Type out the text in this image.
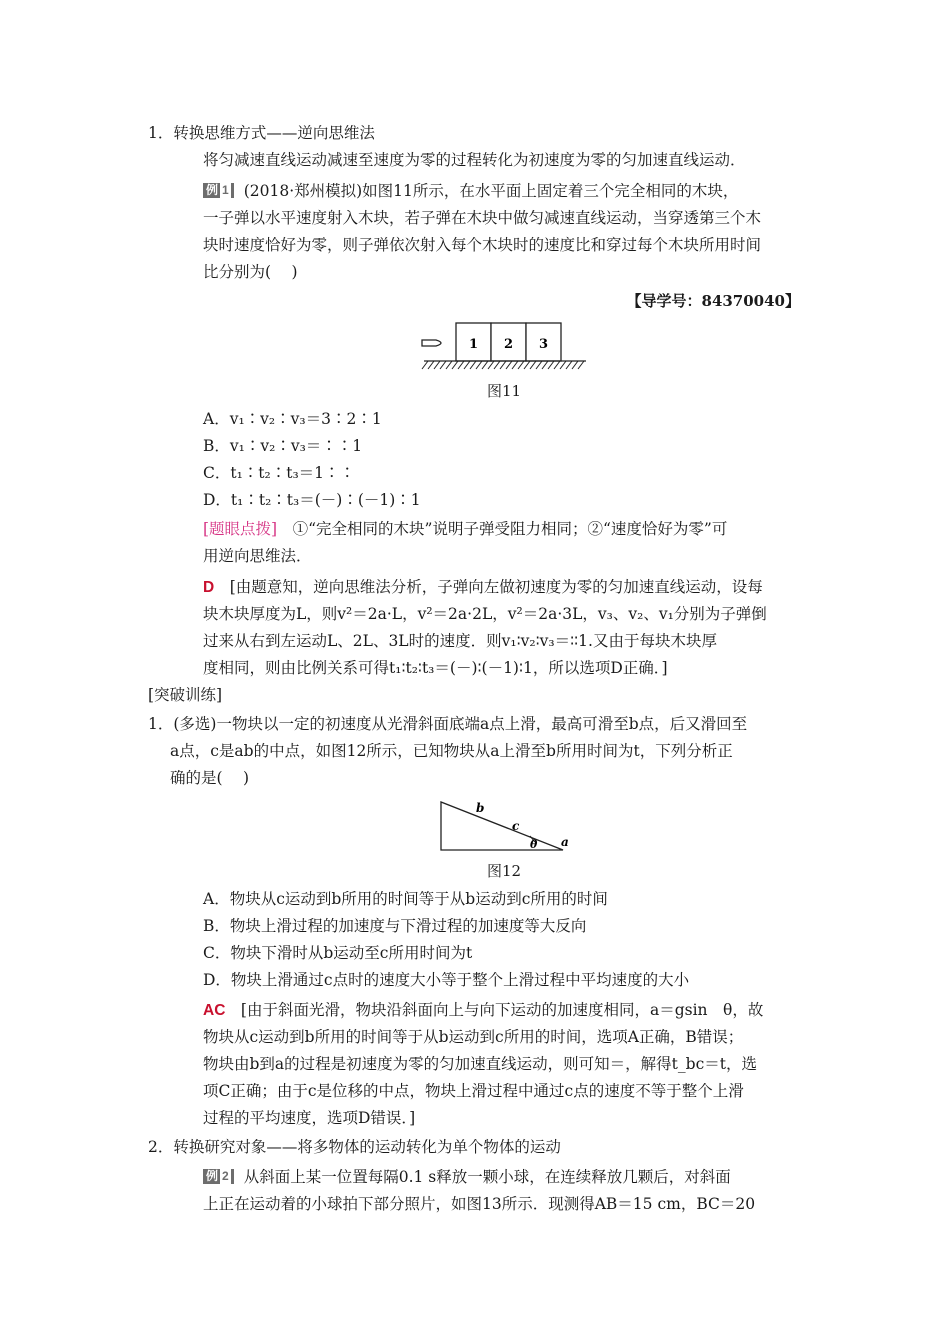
1．转换思维方式——逆向思维法
将匀减速直线运动减速至速度为零的过程转化为初速度为零的匀加速直线运动．
例 1 (2018·郑州模拟)如图11所示，在水平面上固定着三个完全相同的木块，
一子弹以水平速度射入木块，若子弹在木块中做匀减速直线运动，当穿透第三个木
块时速度恰好为零，则子弹依次射入每个木块时的速度比和穿过每个木块所用时间
比分别为(　 )
【导学号：84370040】
1 2 3
图11
A．v₁∶v₂∶v₃＝3∶2∶1
B．v₁∶v₂∶v₃＝∶∶1
C．t₁∶t₂∶t₃＝1∶∶
D．t₁∶t₂∶t₃＝(－)∶(－1)∶1
[题眼点拨]　 ①“完全相同的木块”说明子弹受阻力相同；②“速度恰好为零”可
用逆向思维法．
D　 [由题意知，逆向思维法分析，子弹向左做初速度为零的匀加速直线运动，设每
块木块厚度为L，则v²＝2a·L，v²＝2a·2L，v²＝2a·3L，v₃、v₂、v₁分别为子弹倒
过来从右到左运动L、2L、3L时的速度．则v₁∶v₂∶v₃＝∶∶1.又由于每块木块厚
度相同，则由比例关系可得t₁∶t₂∶t₃＝(－)∶(－1)∶1，所以选项D正确．]
[突破训练]
1．(多选)一物块以一定的初速度从光滑斜面底端a点上滑，最高可滑至b点，后又滑回至
a点，c是ab的中点，如图12所示，已知物块从a上滑至b所用时间为t，下列分析正
确的是(　 )
b
c
θ a
图12
A．物块从c运动到b所用的时间等于从b运动到c所用的时间
B．物块上滑过程的加速度与下滑过程的加速度等大反向
C．物块下滑时从b运动至c所用时间为t
D．物块上滑通过c点时的速度大小等于整个上滑过程中平均速度的大小
AC　 [由于斜面光滑，物块沿斜面向上与向下运动的加速度相同，a＝gsin　θ，故
物块从c运动到b所用的时间等于从b运动到c所用的时间，选项A正确，B错误；
物块由b到a的过程是初速度为零的匀加速直线运动，则可知＝，解得t_bc＝t，选
项C正确；由于c是位移的中点，物块上滑过程中通过c点的速度不等于整个上滑
过程的平均速度，选项D错误．]
2．转换研究对象——将多物体的运动转化为单个物体的运动
例 2 从斜面上某一位置每隔0.1 s释放一颗小球，在连续释放几颗后，对斜面
上正在运动着的小球拍下部分照片，如图13所示．现测得AB＝15 cm，BC＝20
